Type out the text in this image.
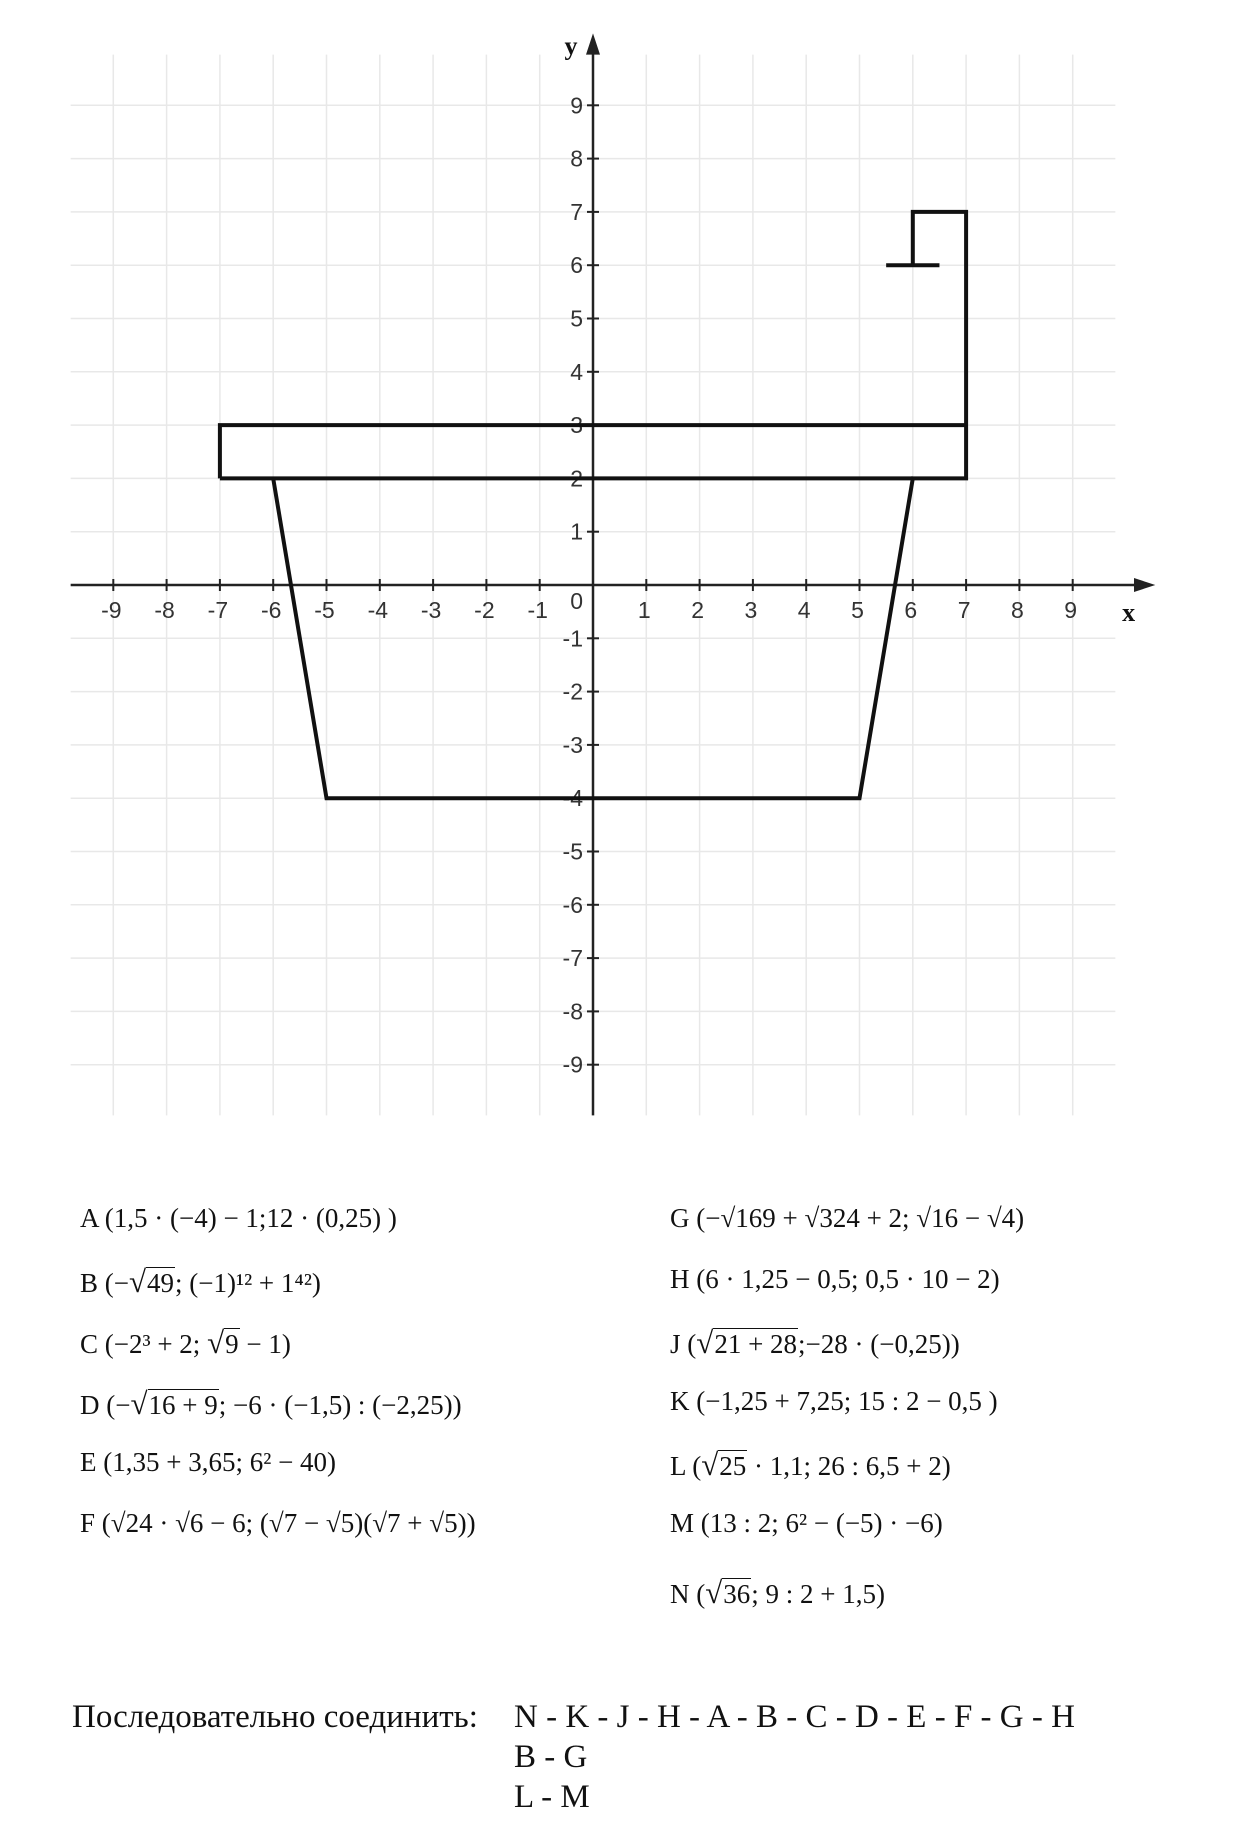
-9 -8 -7 -6 -5 -4 -3 -2 -1	1 2 3 4 5 6 7 8 9
9
8
7
6
5
4
3
2
1
-1
-2
-3
-4
-5
-6
-7
-8
-9
0	x
y
A (1,5 · (−4) − 1;12 · (0,25) )
B (−√49; (−1)¹² + 1⁴²)
C (−2³ + 2; √9 − 1)
D (−√16 + 9; −6 · (−1,5) : (−2,25))
E (1,35 + 3,65; 6² − 40)
F (√24 · √6 − 6; (√7 − √5)(√7 + √5))
G (−√169 + √324 + 2; √16 − √4)
H (6 · 1,25 − 0,5; 0,5 · 10 − 2)
J (√21 + 28;−28 · (−0,25))
K (−1,25 + 7,25; 15 : 2 − 0,5 )
L (√25 · 1,1; 26 : 6,5 + 2)
M (13 : 2; 6² − (−5) · −6)
N (√36; 9 : 2 + 1,5)
Последовательно соединить: N - K - J - H - A - B - C - D - E - F - G - H
B - G
L - M
